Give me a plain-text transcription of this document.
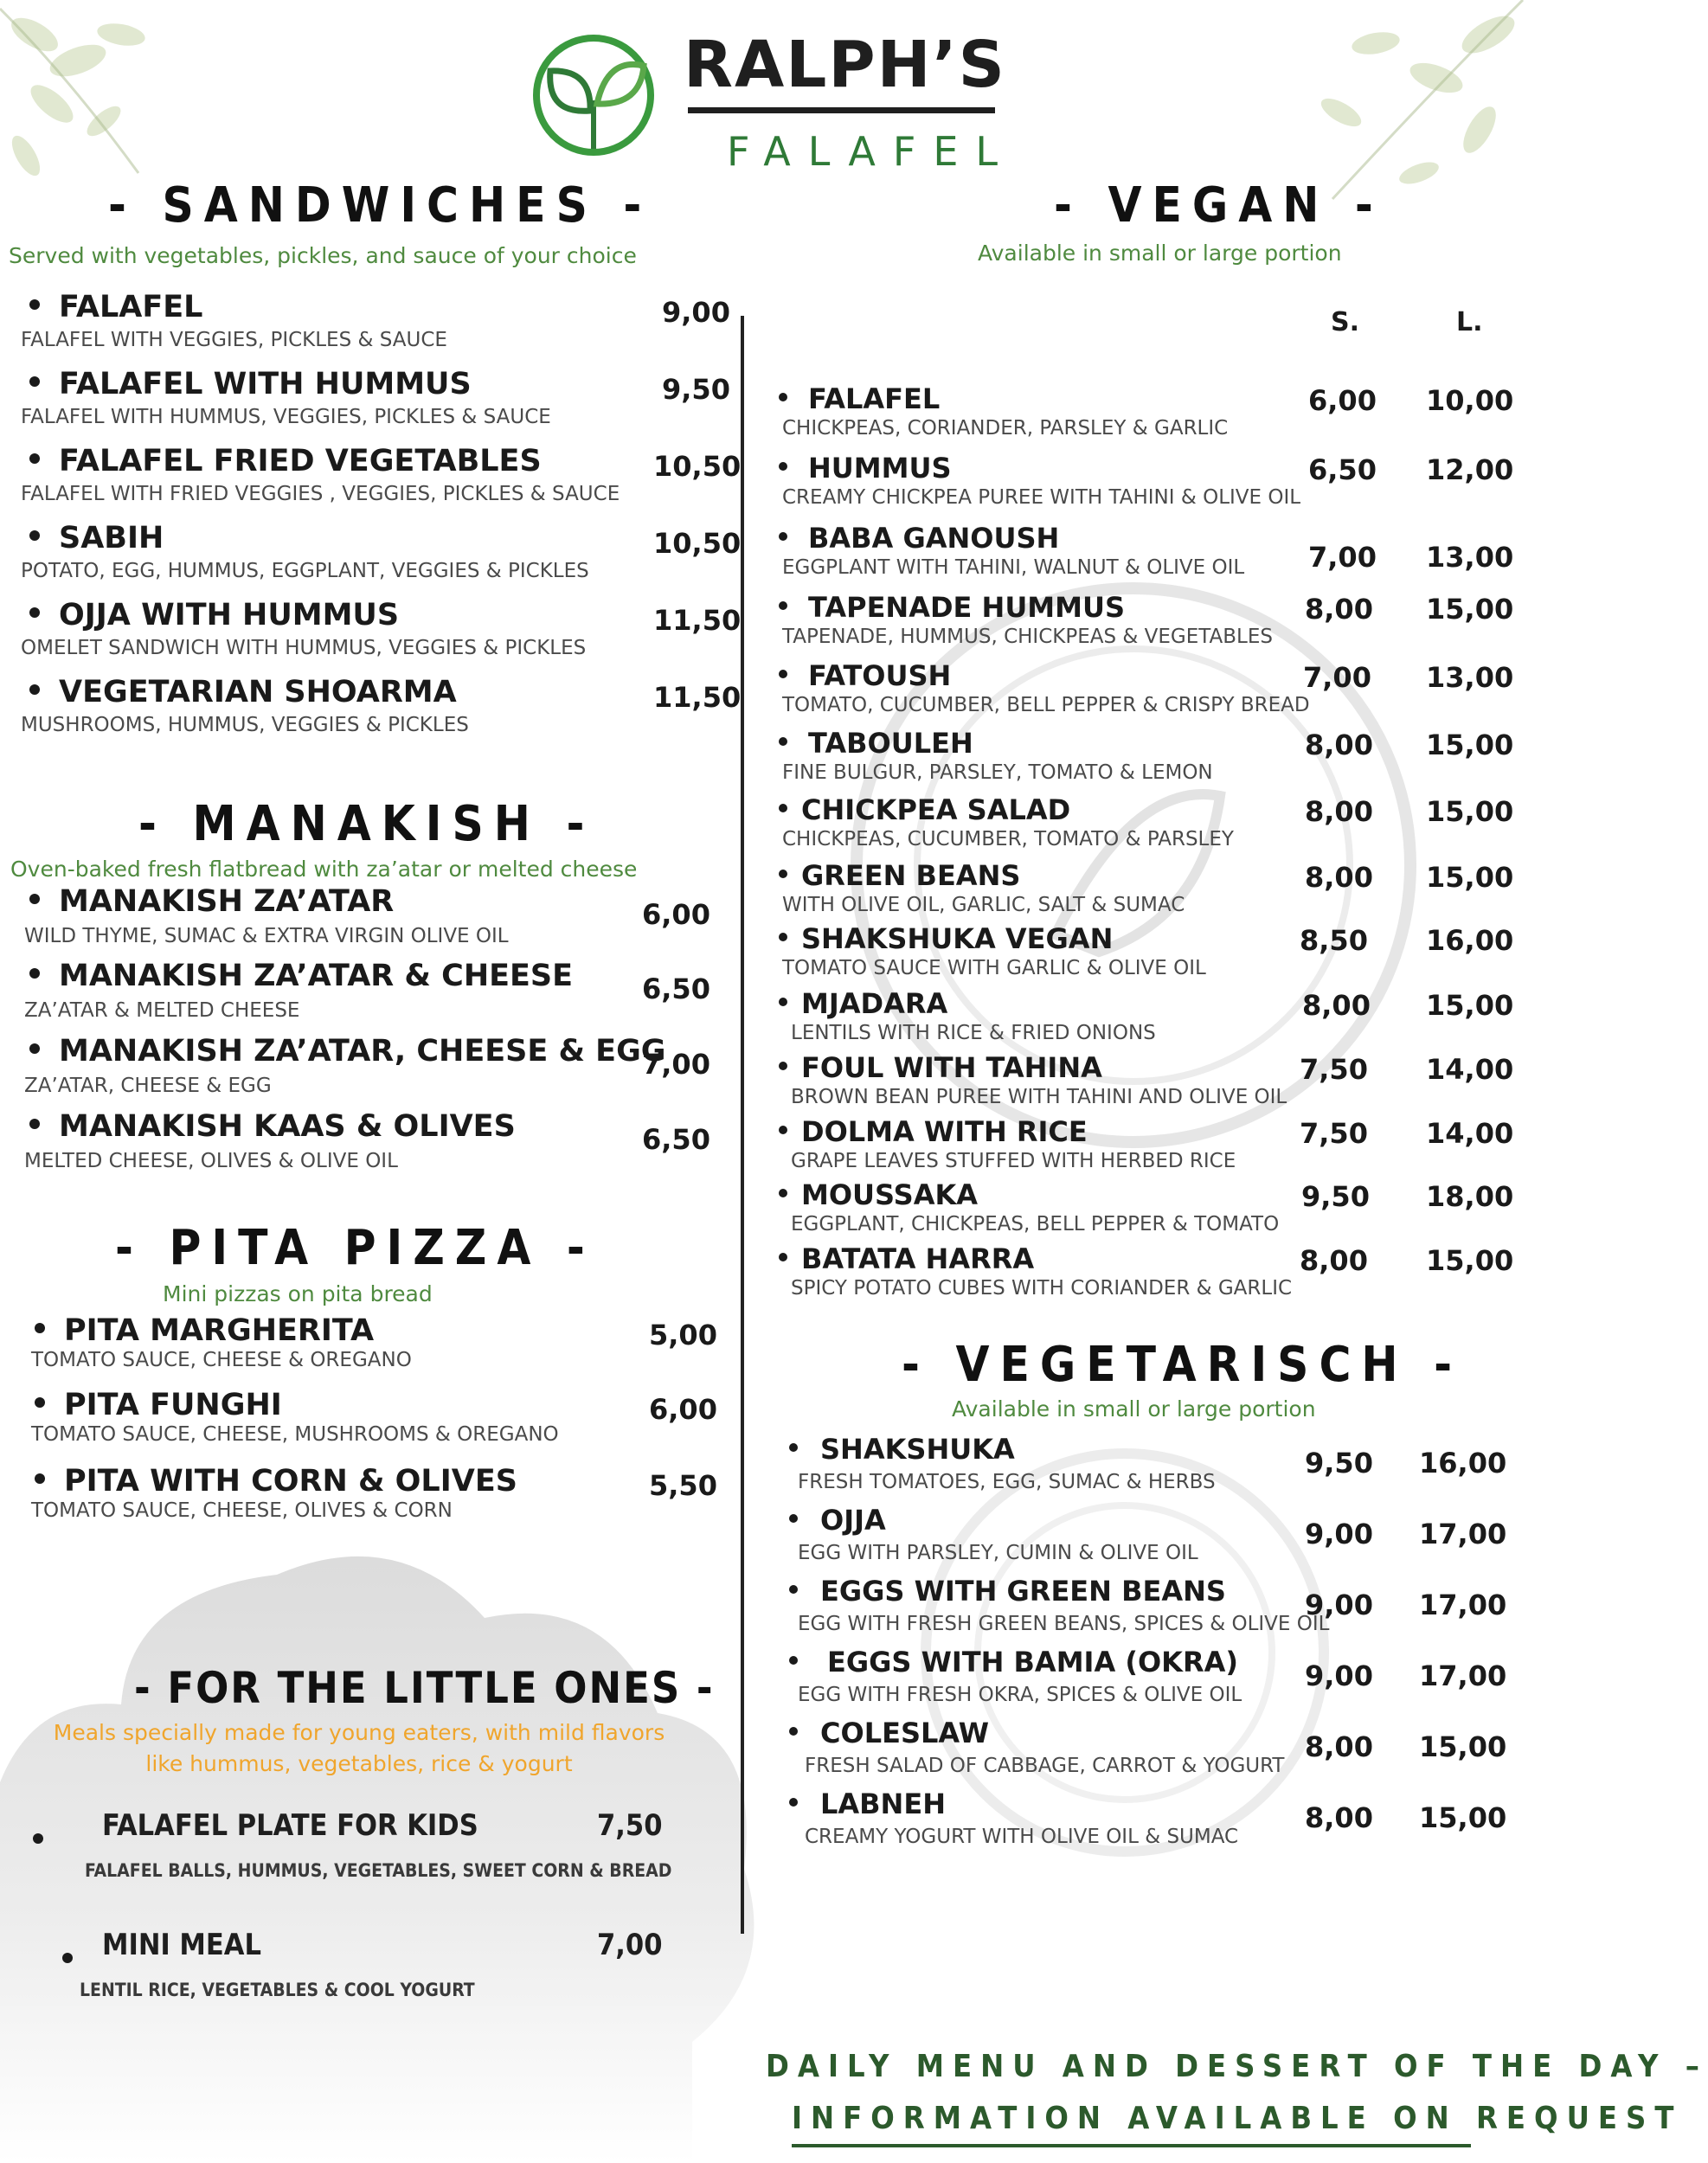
RALPH’S
FALAFEL
- SANDWICHES -
Served with vegetables, pickles, and sauce of your choice
FALAFEL
FALAFEL WITH VEGGIES, PICKLES & SAUCE
9,00
FALAFEL WITH HUMMUS
FALAFEL WITH HUMMUS, VEGGIES, PICKLES & SAUCE
9,50
FALAFEL FRIED VEGETABLES
FALAFEL WITH FRIED VEGGIES , VEGGIES, PICKLES & SAUCE
10,50
SABIH
POTATO, EGG, HUMMUS, EGGPLANT, VEGGIES & PICKLES
10,50
OJJA WITH HUMMUS
OMELET SANDWICH WITH HUMMUS, VEGGIES & PICKLES
11,50
VEGETARIAN SHOARMA
MUSHROOMS, HUMMUS, VEGGIES & PICKLES
11,50
- MANAKISH -
Oven-baked fresh flatbread with za’atar or melted cheese
MANAKISH ZA’ATAR
WILD THYME, SUMAC & EXTRA VIRGIN OLIVE OIL
6,00
MANAKISH ZA’ATAR & CHEESE
ZA’ATAR & MELTED CHEESE
6,50
MANAKISH ZA’ATAR, CHEESE & EGG
ZA’ATAR, CHEESE & EGG
7,00
MANAKISH KAAS & OLIVES
MELTED CHEESE, OLIVES & OLIVE OIL
6,50
- PITA PIZZA -
Mini pizzas on pita bread
PITA MARGHERITA
TOMATO SAUCE, CHEESE & OREGANO
5,00
PITA FUNGHI
TOMATO SAUCE, CHEESE, MUSHROOMS & OREGANO
6,00
PITA WITH CORN & OLIVES
TOMATO SAUCE, CHEESE, OLIVES & CORN
5,50
- FOR THE LITTLE ONES -
Meals specially made for young eaters, with mild flavors
like hummus, vegetables, rice & yogurt
FALAFEL PLATE FOR KIDS
FALAFEL BALLS, HUMMUS, VEGETABLES, SWEET CORN & BREAD
7,50
MINI MEAL
LENTIL RICE, VEGETABLES & COOL YOGURT
7,00
- VEGAN -
Available in small or large portion
S.	L.
FALAFEL
CHICKPEAS, CORIANDER, PARSLEY & GARLIC
6,00 10,00
HUMMUS
CREAMY CHICKPEA PUREE WITH TAHINI & OLIVE OIL
6,50 12,00
BABA GANOUSH
EGGPLANT WITH TAHINI, WALNUT & OLIVE OIL 7,00 13,00
TAPENADE HUMMUS
TAPENADE, HUMMUS, CHICKPEAS & VEGETABLES
8,00 15,00
FATOUSH
TOMATO, CUCUMBER, BELL PEPPER & CRISPY BREAD
7,00 13,00
TABOULEH
FINE BULGUR, PARSLEY, TOMATO & LEMON
8,00 15,00
CHICKPEA SALAD
CHICKPEAS, CUCUMBER, TOMATO & PARSLEY
8,00 15,00
GREEN BEANS
WITH OLIVE OIL, GARLIC, SALT & SUMAC
8,00 15,00
SHAKSHUKA VEGAN
TOMATO SAUCE WITH GARLIC & OLIVE OIL
8,50 16,00
MJADARA
LENTILS WITH RICE & FRIED ONIONS
8,00 15,00
FOUL WITH TAHINA
BROWN BEAN PUREE WITH TAHINI AND OLIVE OIL
7,50 14,00
DOLMA WITH RICE
GRAPE LEAVES STUFFED WITH HERBED RICE
7,50 14,00
MOUSSAKA
EGGPLANT, CHICKPEAS, BELL PEPPER & TOMATO
9,50 18,00
BATATA HARRA
SPICY POTATO CUBES WITH CORIANDER & GARLIC
8,00 15,00
- VEGETARISCH -
Available in small or large portion
SHAKSHUKA
FRESH TOMATOES, EGG, SUMAC & HERBS
9,50 16,00
OJJA
EGG WITH PARSLEY, CUMIN & OLIVE OIL
9,00 17,00
EGGS WITH GREEN BEANS
EGG WITH FRESH GREEN BEANS, SPICES & OLIVE OIL
9,00 17,00
EGGS WITH BAMIA (OKRA)
EGG WITH FRESH OKRA, SPICES & OLIVE OIL
9,00 17,00
COLESLAW
FRESH SALAD OF CABBAGE, CARROT & YOGURT
8,00 15,00
LABNEH
CREAMY YOGURT WITH OLIVE OIL & SUMAC
8,00 15,00
DAILY MENU AND DESSERT OF THE DAY –
INFORMATION AVAILABLE ON REQUEST
